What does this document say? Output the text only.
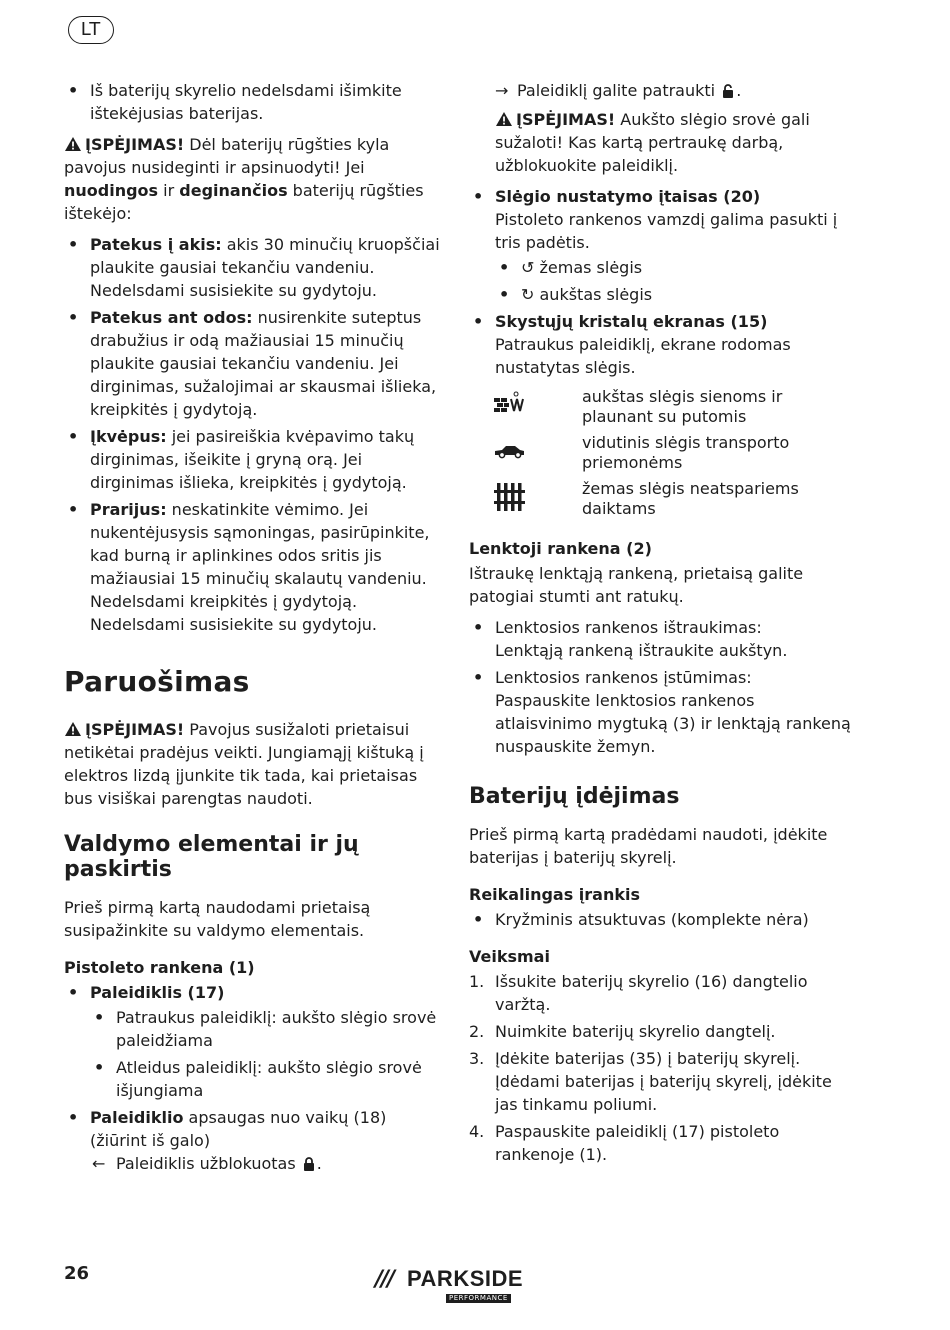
LT
• Iš baterijų skyrelio nedelsdami išimkite ištekėjusias baterijas.

ĮSPĖJIMAS! Dėl baterijų rūgšties kyla pavojus nusideginti ir apsinuodyti! Jei nuodingos ir deginančios baterijų rūgšties ištekėjo:

• Patekus į akis: akis 30 minučių kruopščiai plaukite gausiai tekančiu vandeniu. Nedelsdami susisiekite su gydytoju.
• Patekus ant odos: nusirenkite suteptus drabužius ir odą mažiausiai 15 minučių plaukite gausiai tekančiu vandeniu. Jei dirginimas, sužalojimai ar skausmai išlieka, kreipkitės į gydytoją.
• Įkvėpus: jei pasireiškia kvėpavimo takų dirginimas, išeikite į gryną orą. Jei dirginimas išlieka, kreipkitės į gydytoją.
• Prarijus: neskatinkite vėmimo. Jei nukentėjusysis sąmoningas, pasirūpinkite, kad burną ir aplinkines odos sritis jis mažiausiai 15 minučių skalautų vandeniu. Nedelsdami kreipkitės į gydytoją. Nedelsdami susisiekite su gydytoju.
Paruošimas

ĮSPĖJIMAS! Pavojus susižaloti prietaisui netikėtai pradėjus veikti. Jungiamąjį kištuką į elektros lizdą įjunkite tik tada, kai prietaisas bus visiškai parengtas naudoti.

Valdymo elementai ir jų paskirtis

Prieš pirmą kartą naudodami prietaisą susipažinkite su valdymo elementais.

Pistoleto rankena (1)
• Paleidiklis (17)
• Patraukus paleidiklį: aukšto slėgio srovė paleidžiama
• Atleidus paleidiklį: aukšto slėgio srovė išjungiama
• Paleidiklio apsaugas nuo vaikų (18) (žiūrint iš galo)
← Paleidiklis užblokuotas .
→ Paleidiklį galite patraukti .

ĮSPĖJIMAS! Aukšto slėgio srovė gali sužaloti! Kas kartą pertraukę darbą, užblokuokite paleidiklį.

• Slėgio nustatymo įtaisas (20)
Pistoleto rankenos vamzdį galima pasukti į tris padėtis.
• ↺ žemas slėgis
• ↻ aukštas slėgis
• Skystųjų kristalų ekranas (15)
Patraukus paleidiklį, ekrane rodomas nustatytas slėgis.
aukštas slėgis sienoms ir plaunant su putomis
vidutinis slėgis transporto priemonėms
žemas slėgis neatspariems daiktams
Lenktoji rankena (2)

Ištraukę lenktąją rankeną, prietaisą galite patogiai stumti ant ratukų.

• Lenktosios rankenos ištraukimas:
Lenktąją rankeną ištraukite aukštyn.
• Lenktosios rankenos įstūmimas:
Paspauskite lenktosios rankenos atlaisvinimo mygtuką (3) ir lenktąją rankeną nuspauskite žemyn.
Baterijų įdėjimas

Prieš pirmą kartą pradėdami naudoti, įdėkite baterijas į baterijų skyrelį.

Reikalingas įrankis
• Kryžminis atsuktuvas (komplekte nėra)
Veiksmai
1. Išsukite baterijų skyrelio (16) dangtelio varžtą.
2. Nuimkite baterijų skyrelio dangtelį.
3. Įdėkite baterijas (35) į baterijų skyrelį. Įdėdami baterijas į baterijų skyrelį, įdėkite jas tinkamu poliumi.
4. Paspauskite paleidiklį (17) pistoleto rankenoje (1).
26	/// PARKSIDE
PERFORMANCE
